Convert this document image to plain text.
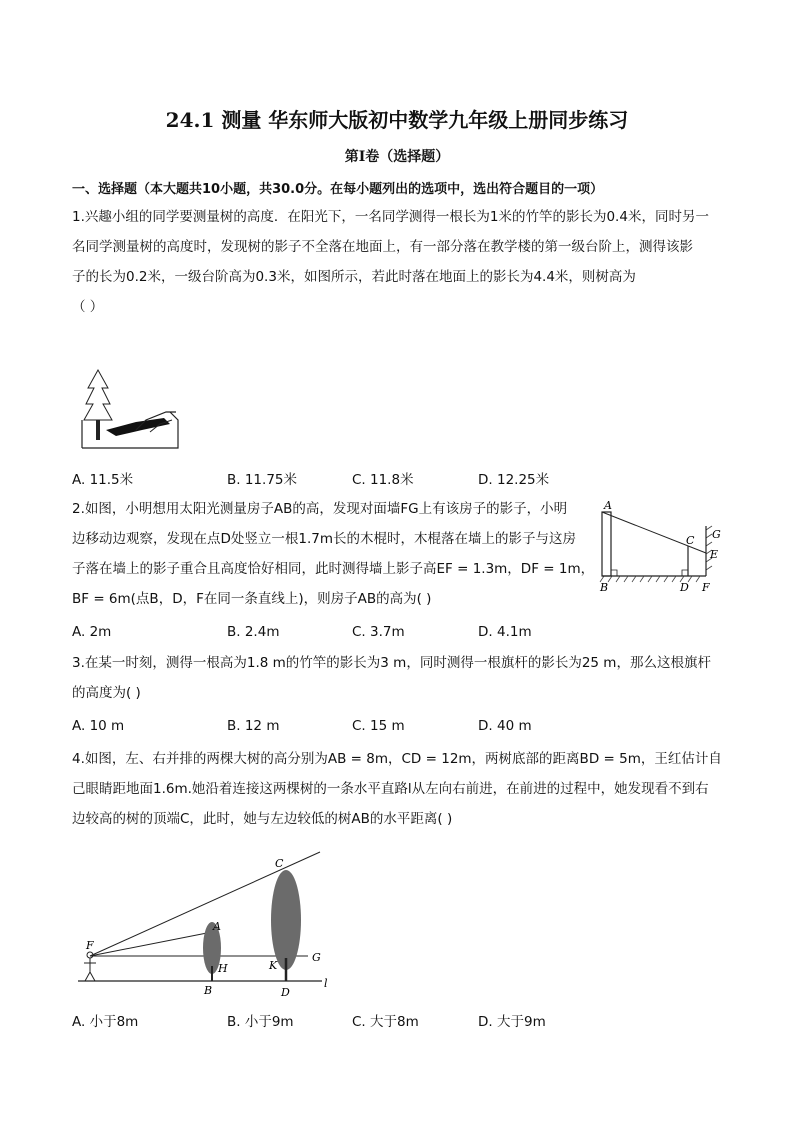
24.1 测量 华东师大版初中数学九年级上册同步练习
第I卷（选择题）
一、选择题（本大题共10小题，共30.0分。在每小题列出的选项中，选出符合题目的一项）
1.兴趣小组的同学要测量树的高度．在阳光下，一名同学测得一根长为1米的竹竿的影长为0.4米，同时另一
名同学测量树的高度时，发现树的影子不全落在地面上，有一部分落在教学楼的第一级台阶上，测得该影
子的长为0.2米，一级台阶高为0.3米，如图所示，若此时落在地面上的影长为4.4米，则树高为
（ ）
A. 11.5米	B. 11.75米	C. 11.8米	D. 12.25米
2.如图，小明想用太阳光测量房子AB的高，发现对面墙FG上有该房子的影子，小明
边移动边观察，发现在点D处竖立一根1.7m长的木棍时，木棍落在墙上的影子与这房
子落在墙上的影子重合且高度恰好相同，此时测得墙上影子高EF = 1.3m，DF = 1m，
BF = 6m(点B，D，F在同一条直线上)，则房子AB的高为( )
A
B
C
D
E
F
G
A. 2m	B. 2.4m	C. 3.7m	D. 4.1m
3.在某一时刻，测得一根高为1.8 m的竹竿的影长为3 m，同时测得一根旗杆的影长为25 m，那么这根旗杆
的高度为( )
A. 10 m	B. 12 m	C. 15 m	D. 40 m
4.如图，左、右并排的两棵大树的高分别为AB = 8m，CD = 12m，两树底部的距离BD = 5m，王红估计自
己眼睛距地面1.6m.她沿着连接这两棵树的一条水平直路l从左向右前进，在前进的过程中，她发现看不到右
边较高的树的顶端C，此时，她与左边较低的树AB的水平距离( )
F
A
H
B
C
K
D
G
l
A. 小于8m	B. 小于9m	C. 大于8m	D. 大于9m
